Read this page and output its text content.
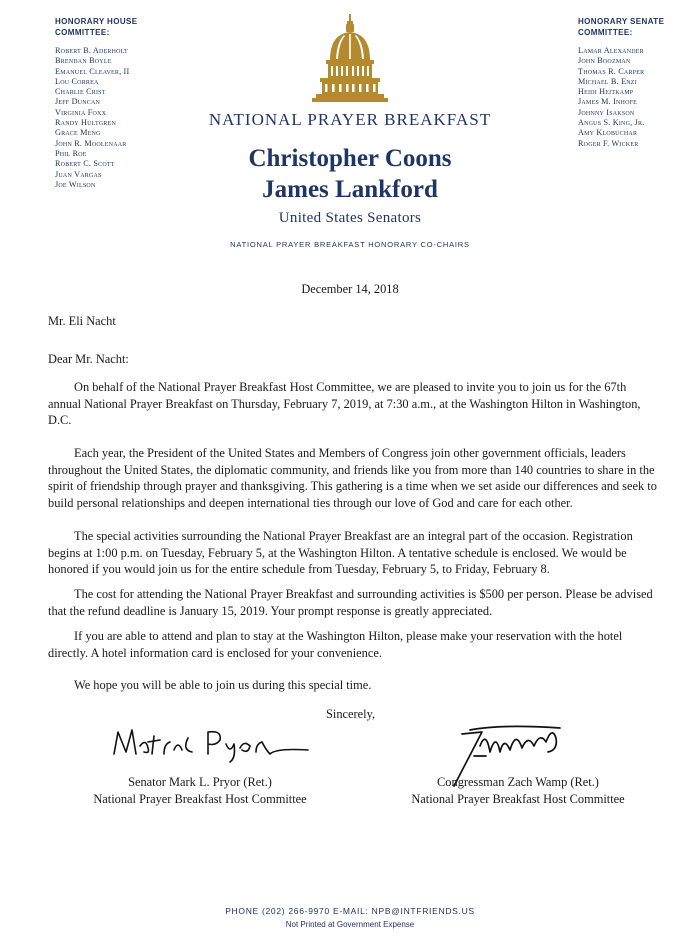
HONORARY HOUSE
COMMITTEE:
Robert B. Aderholt
Brendan Boyle
Emanuel Cleaver, II
Lou Correa
Charlie Crist
Jeff Duncan
Virginia Foxx
Randy Hultgren
Grace Meng
John R. Moolenaar
Phil Roe
Robert C. Scott
Juan Vargas
Joe Wilson
HONORARY SENATE
COMMITTEE:
Lamar Alexander
John Boozman
Thomas R. Carper
Michael B. Enzi
Heidi Heitkamp
James M. Inhofe
Johnny Isakson
Angus S. King, Jr.
Amy Klobuchar
Roger F. Wicker
NATIONAL PRAYER BREAKFAST
Christopher Coons
James Lankford
United States Senators
NATIONAL PRAYER BREAKFAST HONORARY CO-CHAIRS
December 14, 2018
Mr. Eli Nacht
Dear Mr. Nacht:
On behalf of the National Prayer Breakfast Host Committee, we are pleased to invite you to join us for the 67th annual National Prayer Breakfast on Thursday, February 7, 2019, at 7:30 a.m., at the Washington Hilton in Washington, D.C.
Each year, the President of the United States and Members of Congress join other government officials, leaders throughout the United States, the diplomatic community, and friends like you from more than 140 countries to share in the spirit of friendship through prayer and thanksgiving. This gathering is a time when we set aside our differences and seek to build personal relationships and deepen international ties through our love of God and care for each other.
The special activities surrounding the National Prayer Breakfast are an integral part of the occasion. Registration begins at 1:00 p.m. on Tuesday, February 5, at the Washington Hilton. A tentative schedule is enclosed. We would be honored if you would join us for the entire schedule from Tuesday, February 5, to Friday, February 8.
The cost for attending the National Prayer Breakfast and surrounding activities is $500 per person. Please be advised that the refund deadline is January 15, 2019. Your prompt response is greatly appreciated.
If you are able to attend and plan to stay at the Washington Hilton, please make your reservation with the hotel directly. A hotel information card is enclosed for your convenience.
We hope you will be able to join us during this special time.
Sincerely,
Senator Mark L. Pryor (Ret.)
National Prayer Breakfast Host Committee
Congressman Zach Wamp (Ret.)
National Prayer Breakfast Host Committee
PHONE (202) 266-9970 E-MAIL: NPB@INTFRIENDS.US
Not Printed at Government Expense
